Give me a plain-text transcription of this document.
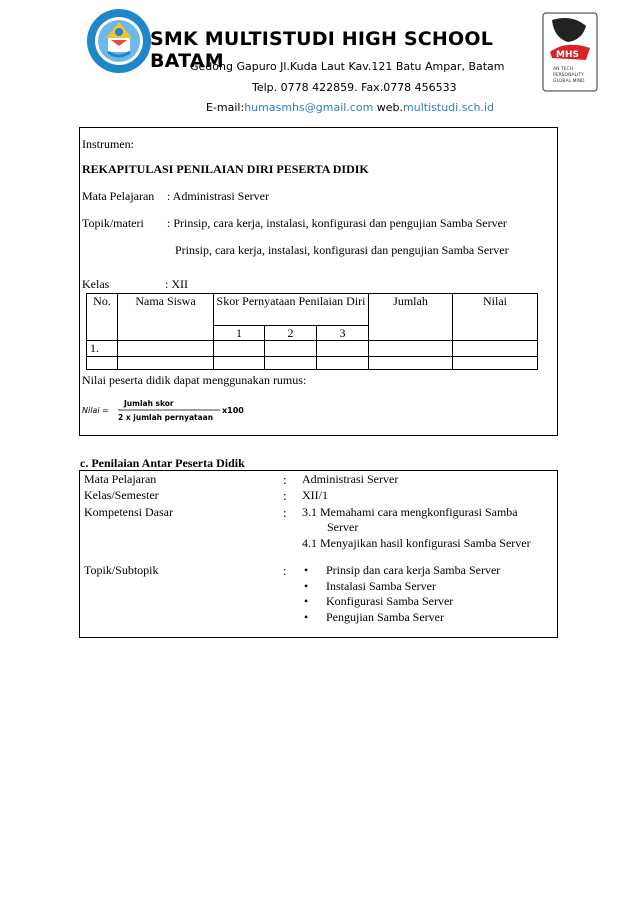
MHS
AN TECH
PERSONALITY
GLOBAL MIND
SMK MULTISTUDI HIGH SCHOOL BATAM
Gedong Gapuro Jl.Kuda Laut Kav.121 Batu Ampar, Batam
Telp. 0778 422859. Fax.0778 456533
E-mail:humasmhs@gmail.com web.multistudi.sch.id
Instrumen:
REKAPITULASI PENILAIAN DIRI PESERTA DIDIK
Mata Pelajaran : Administrasi Server
Topik/materi : Prinsip, cara kerja, instalasi, konfigurasi dan pengujian Samba Server
Prinsip, cara kerja, instalasi, konfigurasi dan pengujian Samba Server
Kelas	: XII
No.	Nama Siswa	Skor Pernyataan Penilaian Diri			Jumlah	Nilai
		1	2	3		
1.						

Nilai peserta didik dapat menggunakan rumus:
Nilai =
Jumlah skor
2 x jumlah pernyataan
x100
c. Penilaian Antar Peserta Didik
Mata Pelajaran	: Administrasi Server
Kelas/Semester	: XII/1
Kompetensi Dasar	: 3.1 Memahami cara mengkonfigurasi Samba
Server
4.1 Menyajikan hasil konfigurasi Samba Server
Topik/Subtopik	: • Prinsip dan cara kerja Samba Server
• Instalasi Samba Server
• Konfigurasi Samba Server
• Pengujian Samba Server
